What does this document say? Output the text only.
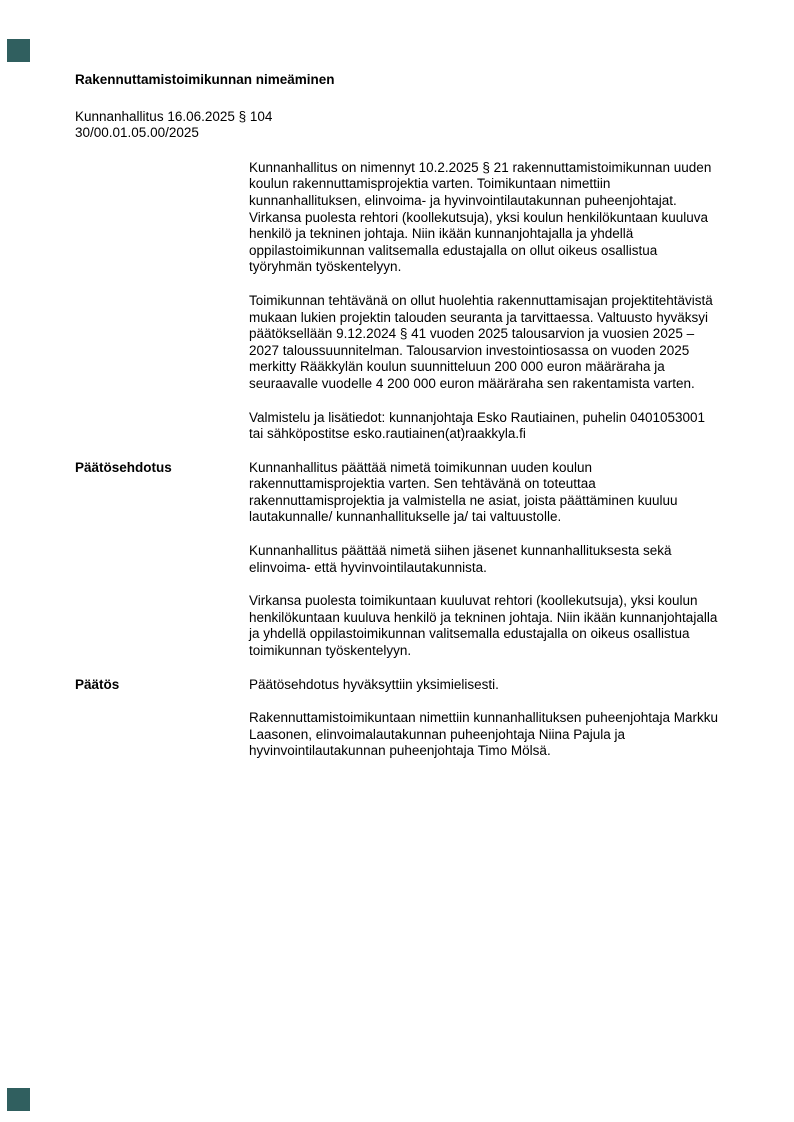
Rakennuttamistoimikunnan nimeäminen
Kunnanhallitus 16.06.2025 § 104
30/00.01.05.00/2025

Kunnanhallitus on nimennyt 10.2.2025 § 21 rakennuttamistoimikunnan uuden koulun rakennuttamisprojektia varten. Toimikuntaan nimettiin kunnanhallituksen, elinvoima- ja hyvinvointilautakunnan puheenjohtajat. Virkansa puolesta rehtori (koollekutsuja), yksi koulun henkilökuntaan kuuluva henkilö ja tekninen johtaja. Niin ikään kunnanjohtajalla ja yhdellä oppilastoimikunnan valitsemalla edustajalla on ollut oikeus osallistua työryhmän työskentelyyn.

Toimikunnan tehtävänä on ollut huolehtia rakennuttamisajan projektitehtävistä mukaan lukien projektin talouden seuranta ja tarvittaessa. Valtuusto hyväksyi päätöksellään 9.12.2024 § 41 vuoden 2025 talousarvion ja vuosien 2025 – 2027 taloussuunnitelman. Talousarvion investointiosassa on vuoden 2025 merkitty Rääkkylän koulun suunnitteluun 200 000 euron määräraha ja seuraavalle vuodelle 4 200 000 euron määräraha sen rakentamista varten.

Valmistelu ja lisätiedot: kunnanjohtaja Esko Rautiainen, puhelin 0401053001 tai sähköpostitse esko.rautiainen(at)raakkyla.fi

Päätösehdotus	Kunnanhallitus päättää nimetä toimikunnan uuden koulun rakennuttamisprojektia varten. Sen tehtävänä on toteuttaa rakennuttamisprojektia ja valmistella ne asiat, joista päättäminen kuuluu lautakunnalle/ kunnanhallitukselle ja/ tai valtuustolle.

Kunnanhallitus päättää nimetä siihen jäsenet kunnanhallituksesta sekä elinvoima- että hyvinvointilautakunnista.

Virkansa puolesta toimikuntaan kuuluvat rehtori (koollekutsuja), yksi koulun henkilökuntaan kuuluva henkilö ja tekninen johtaja. Niin ikään kunnanjohtajalla ja yhdellä oppilastoimikunnan valitsemalla edustajalla on oikeus osallistua toimikunnan työskentelyyn.

Päätös	Päätösehdotus hyväksyttiin yksimielisesti.

Rakennuttamistoimikuntaan nimettiin kunnanhallituksen puheenjohtaja Markku Laasonen, elinvoimalautakunnan puheenjohtaja Niina Pajula ja hyvinvointilautakunnan puheenjohtaja Timo Mölsä.
